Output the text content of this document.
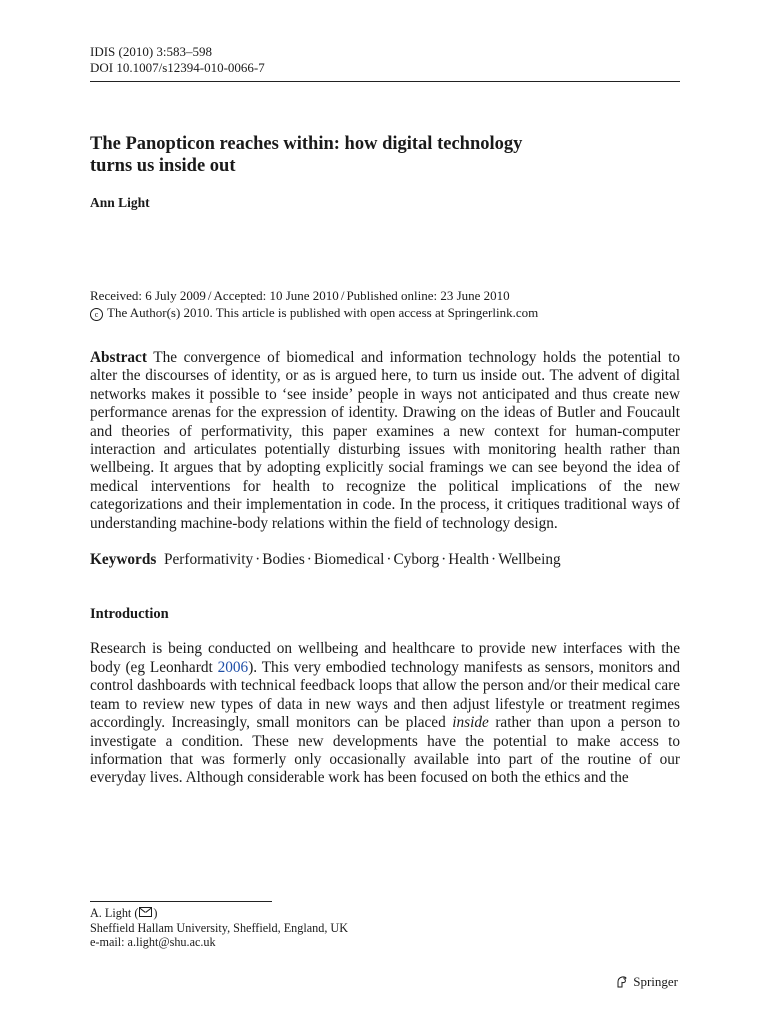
IDIS (2010) 3:583–598
DOI 10.1007/s12394-010-0066-7
The Panopticon reaches within: how digital technology
turns us inside out
Ann Light
Received: 6 July 2009 / Accepted: 10 June 2010 / Published online: 23 June 2010
c The Author(s) 2010. This article is published with open access at Springerlink.com
Abstract The convergence of biomedical and information technology holds the potential to alter the discourses of identity, or as is argued here, to turn us inside out. The advent of digital networks makes it possible to ‘see inside’ people in ways not anticipated and thus create new performance arenas for the expression of identity. Drawing on the ideas of Butler and Foucault and theories of performativity, this paper examines a new context for human-computer interaction and articulates potentially disturbing issues with monitoring health rather than wellbeing. It argues that by adopting explicitly social framings we can see beyond the idea of medical interventions for health to recognize the political implications of the new categorizations and their implementation in code. In the process, it critiques traditional ways of understanding machine-body relations within the field of technology design.
Keywords Performativity · Bodies · Biomedical · Cyborg · Health · Wellbeing
Introduction
Research is being conducted on wellbeing and healthcare to provide new interfaces with the body (eg Leonhardt 2006). This very embodied technology manifests as sensors, monitors and control dashboards with technical feedback loops that allow the person and/or their medical care team to review new types of data in new ways and then adjust lifestyle or treatment regimes accordingly. Increasingly, small monitors can be placed inside rather than upon a person to investigate a condition. These new developments have the potential to make access to information that was formerly only occasionally available into part of the routine of our everyday lives. Although considerable work has been focused on both the ethics and the
A. Light ( )
Sheffield Hallam University, Sheffield, England, UK
e-mail: a.light@shu.ac.uk
Springer
